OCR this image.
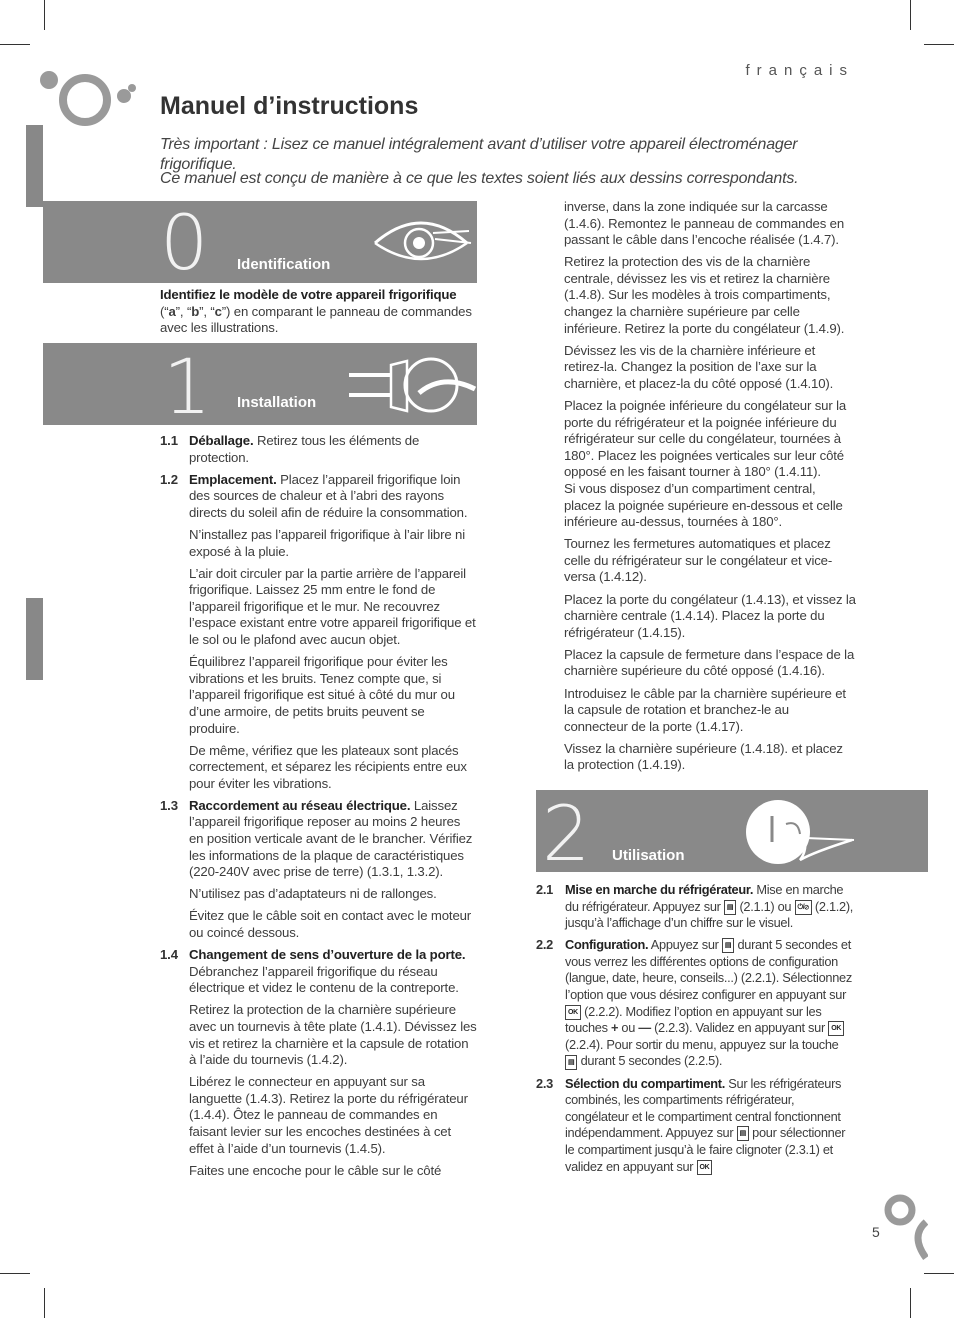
français
Manuel d’instructions

Très important : Lisez ce manuel intégralement avant d’utiliser votre appareil électroménager frigorifique.

Ce manuel est conçu de manière à ce que les textes soient liés aux dessins correspondants.

0 Identification

Identifiez le modèle de votre appareil frigorifique
(“a”, “b”, “c”) en comparant le panneau de commandes avec les illustrations.

1 Installation
1.1 Déballage. Retirez tous les éléments de protection.

1.2 Emplacement. Placez l’appareil frigorifique loin des sources de chaleur et à l’abri des rayons directs du soleil afin de réduire la consommation.

N’installez pas l’appareil frigorifique à l’air libre ni exposé à la pluie.

L’air doit circuler par la partie arrière de l’appareil frigorifique. Laissez 25 mm entre le fond de l’appareil frigorifique et le mur. Ne recouvrez l’espace existant entre votre appareil frigorifique et le sol ou le plafond avec aucun objet.

Équilibrez l’appareil frigorifique pour éviter les vibrations et les bruits. Tenez compte que, si l’appareil frigorifique est situé à côté du mur ou d’une armoire, de petits bruits peuvent se produire.

De même, vérifiez que les plateaux sont placés correctement, et séparez les récipients entre eux pour éviter les vibrations.

1.3 Raccordement au réseau électrique. Laissez l’appareil frigorifique reposer au moins 2 heures en position verticale avant de le brancher. Vérifiez les informations de la plaque de caractéristiques (220-240V avec prise de terre) (1.3.1, 1.3.2).

N’utilisez pas d’adaptateurs ni de rallonges.

Évitez que le câble soit en contact avec le moteur ou coincé dessous.

1.4 Changement de sens d’ouverture de la porte. Débranchez l’appareil frigorifique du réseau électrique et videz le contenu de la contreporte.

Retirez la protection de la charnière supérieure avec un tournevis à tête plate (1.4.1). Dévissez les vis et retirez la charnière et la capsule de rotation à l’aide du tournevis (1.4.2).

Libérez le connecteur en appuyant sur sa languette (1.4.3). Retirez la porte du réfrigérateur (1.4.4). Ôtez le panneau de commandes en faisant levier sur les encoches destinées à cet effet à l’aide d’un tournevis (1.4.5).

Faites une encoche pour le câble sur le côté

inverse, dans la zone indiquée sur la carcasse (1.4.6). Remontez le panneau de commandes en passant le câble dans l’encoche réalisée (1.4.7).

Retirez la protection des vis de la charnière centrale, dévissez les vis et retirez la charnière (1.4.8). Sur les modèles à trois compartiments, changez la charnière supérieure par celle inférieure. Retirez la porte du congélateur (1.4.9).

Dévissez les vis de la charnière inférieure et retirez-la. Changez la position de l’axe sur la charnière, et placez-la du côté opposé (1.4.10).

Placez la poignée inférieure du congélateur sur la porte du réfrigérateur et la poignée inférieure du réfrigérateur sur celle du congélateur, tournées à 180°. Placez les poignées verticales sur leur côté opposé en les faisant tourner à 180° (1.4.11).
Si vous disposez d’un compartiment central, placez la poignée supérieure en-dessous et celle inférieure au-dessus, tournées à 180°.

Tournez les fermetures automatiques et placez celle du réfrigérateur sur le congélateur et vice-versa (1.4.12).

Placez la porte du congélateur (1.4.13), et vissez la charnière centrale (1.4.14). Placez la porte du réfrigérateur (1.4.15).

Placez la capsule de fermeture dans l’espace de la charnière supérieure du côté opposé (1.4.16).

Introduisez le câble par la charnière supérieure et la capsule de rotation et branchez-le au connecteur de la porte (1.4.17).

Vissez la charnière supérieure (1.4.18). et placez la protection (1.4.19).

2 Utilisation
2.1 Mise en marche du réfrigérateur. Mise en marche du réfrigérateur. Appuyez sur ▤ (2.1.1) ou ⏻/⊘ (2.1.2), jusqu’à l’affichage d’un chiffre sur le visuel.

2.2 Configuration. Appuyez sur ▤ durant 5 secondes et vous verrez les différentes options de configuration (langue, date, heure, conseils...) (2.2.1). Sélectionnez l’option que vous désirez configurer en appuyant sur OK (2.2.2). Modifiez l’option en appuyant sur les touches + ou — (2.2.3). Validez en appuyant sur OK (2.2.4). Pour sortir du menu, appuyez sur la touche ▤ durant 5 secondes (2.2.5).

2.3 Sélection du compartiment. Sur les réfrigérateurs combinés, les compartiments réfrigérateur, congélateur et le compartiment central fonctionnent indépendamment. Appuyez sur ▤ pour sélectionner le compartiment jusqu’à le faire clignoter (2.3.1) et validez en appuyant sur OK

5
